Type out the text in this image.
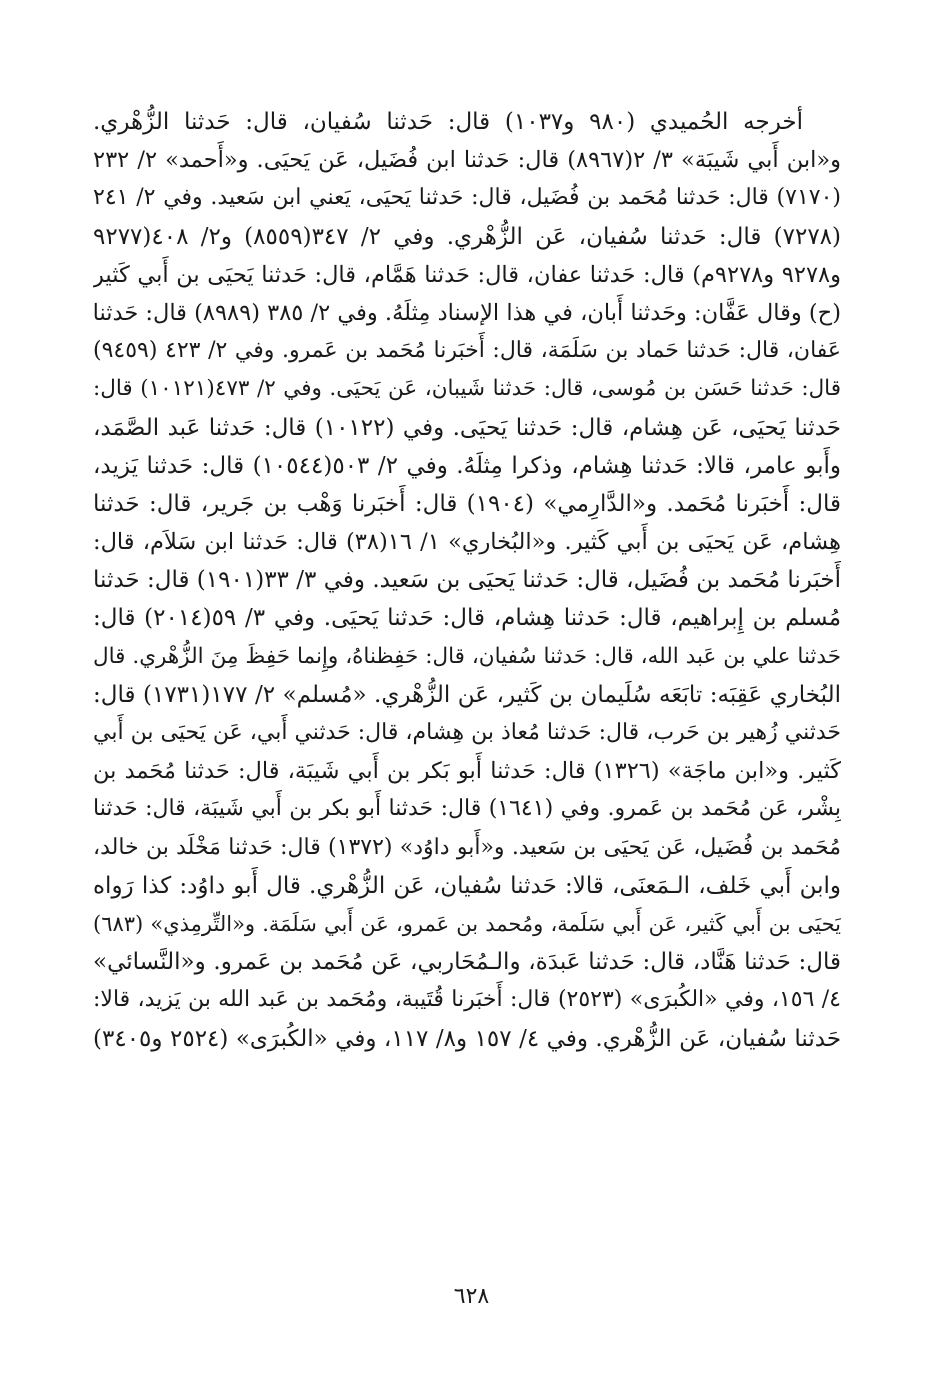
أخرجه الحُميدي (٩٨٠ و١٠٣٧) قال: حَدثنا سُفيان، قال: حَدثنا الزُّهْري.
و«ابن أَبي شَيبَة» ٣/ ٢(٨٩٦٧) قال: حَدثنا ابن فُضَيل، عَن يَحيَى. و«أَحمد» ٢/ ٢٣٢
(٧١٧٠) قال: حَدثنا مُحَمد بن فُضَيل، قال: حَدثنا يَحيَى، يَعني ابن سَعيد. وفي ٢/ ٢٤١
(٧٢٧٨) قال: حَدثنا سُفيان، عَن الزُّهْري. وفي ٢/ ٣٤٧(٨٥٥٩) و٢/ ٤٠٨(٩٢٧٧
و٩٢٧٨ و٩٢٧٨م) قال: حَدثنا عفان، قال: حَدثنا هَمَّام، قال: حَدثنا يَحيَى بن أَبي كَثير
(ح) وقال عَفَّان: وحَدثنا أَبان، في هذا الإسناد مِثلَهُ. وفي ٢/ ٣٨٥ (٨٩٨٩) قال: حَدثنا
عَفان، قال: حَدثنا حَماد بن سَلَمَة، قال: أَخبَرنا مُحَمد بن عَمرو. وفي ٢/ ٤٢٣ (٩٤٥٩)
قال: حَدثنا حَسَن بن مُوسى، قال: حَدثنا شَيبان، عَن يَحيَى. وفي ٢/ ٤٧٣(١٠١٢١) قال:
حَدثنا يَحيَى، عَن هِشام، قال: حَدثنا يَحيَى. وفي (١٠١٢٢) قال: حَدثنا عَبد الصَّمَد،
وأَبو عامر، قالا: حَدثنا هِشام، وذكرا مِثلَهُ. وفي ٢/ ٥٠٣(١٠٥٤٤) قال: حَدثنا يَزيد،
قال: أَخبَرنا مُحَمد. و«الدَّارِمي» (١٩٠٤) قال: أَخبَرنا وَهْب بن جَرير، قال: حَدثنا
هِشام، عَن يَحيَى بن أَبي كَثير. و«البُخاري» ١/ ١٦(٣٨) قال: حَدثنا ابن سَلاَم، قال:
أَخبَرنا مُحَمد بن فُضَيل، قال: حَدثنا يَحيَى بن سَعيد. وفي ٣/ ٣٣(١٩٠١) قال: حَدثنا
مُسلم بن إِبراهيم، قال: حَدثنا هِشام، قال: حَدثنا يَحيَى. وفي ٣/ ٥٩(٢٠١٤) قال:
حَدثنا علي بن عَبد الله، قال: حَدثنا سُفيان، قال: حَفِظناهُ، وإِنما حَفِظَ مِنَ الزُّهْري. قال
البُخاري عَقِبَه: تابَعَه سُلَيمان بن كَثير، عَن الزُّهْري. «مُسلم» ٢/ ١٧٧(١٧٣١) قال:
حَدثني زُهير بن حَرب، قال: حَدثنا مُعاذ بن هِشام، قال: حَدثني أَبي، عَن يَحيَى بن أَبي
كَثير. و«ابن ماجَة» (١٣٢٦) قال: حَدثنا أَبو بَكر بن أَبي شَيبَة، قال: حَدثنا مُحَمد بن
بِشْر، عَن مُحَمد بن عَمرو. وفي (١٦٤١) قال: حَدثنا أَبو بكر بن أَبي شَيبَة، قال: حَدثنا
مُحَمد بن فُضَيل، عَن يَحيَى بن سَعيد. و«أَبو داوُد» (١٣٧٢) قال: حَدثنا مَخْلَد بن خالد،
وابن أَبي خَلف، الـمَعنَى، قالا: حَدثنا سُفيان، عَن الزُّهْري. قال أَبو داوُد: كذا رَواه
يَحيَى بن أَبي كَثير، عَن أَبي سَلَمة، ومُحمد بن عَمرو، عَن أَبي سَلَمَة. و«التِّرمِذي» (٦٨٣)
قال: حَدثنا هَنَّاد، قال: حَدثنا عَبدَة، والـمُحَاربي، عَن مُحَمد بن عَمرو. و«النَّسائي»
٤/ ١٥٦، وفي «الكُبرَى» (٢٥٢٣) قال: أَخبَرنا قُتَيبة، ومُحَمد بن عَبد الله بن يَزيد، قالا:
حَدثنا سُفيان، عَن الزُّهْري. وفي ٤/ ١٥٧ و٨/ ١١٧، وفي «الكُبرَى» (٢٥٢٤ و٣٤٠٥)
٦٢٨
